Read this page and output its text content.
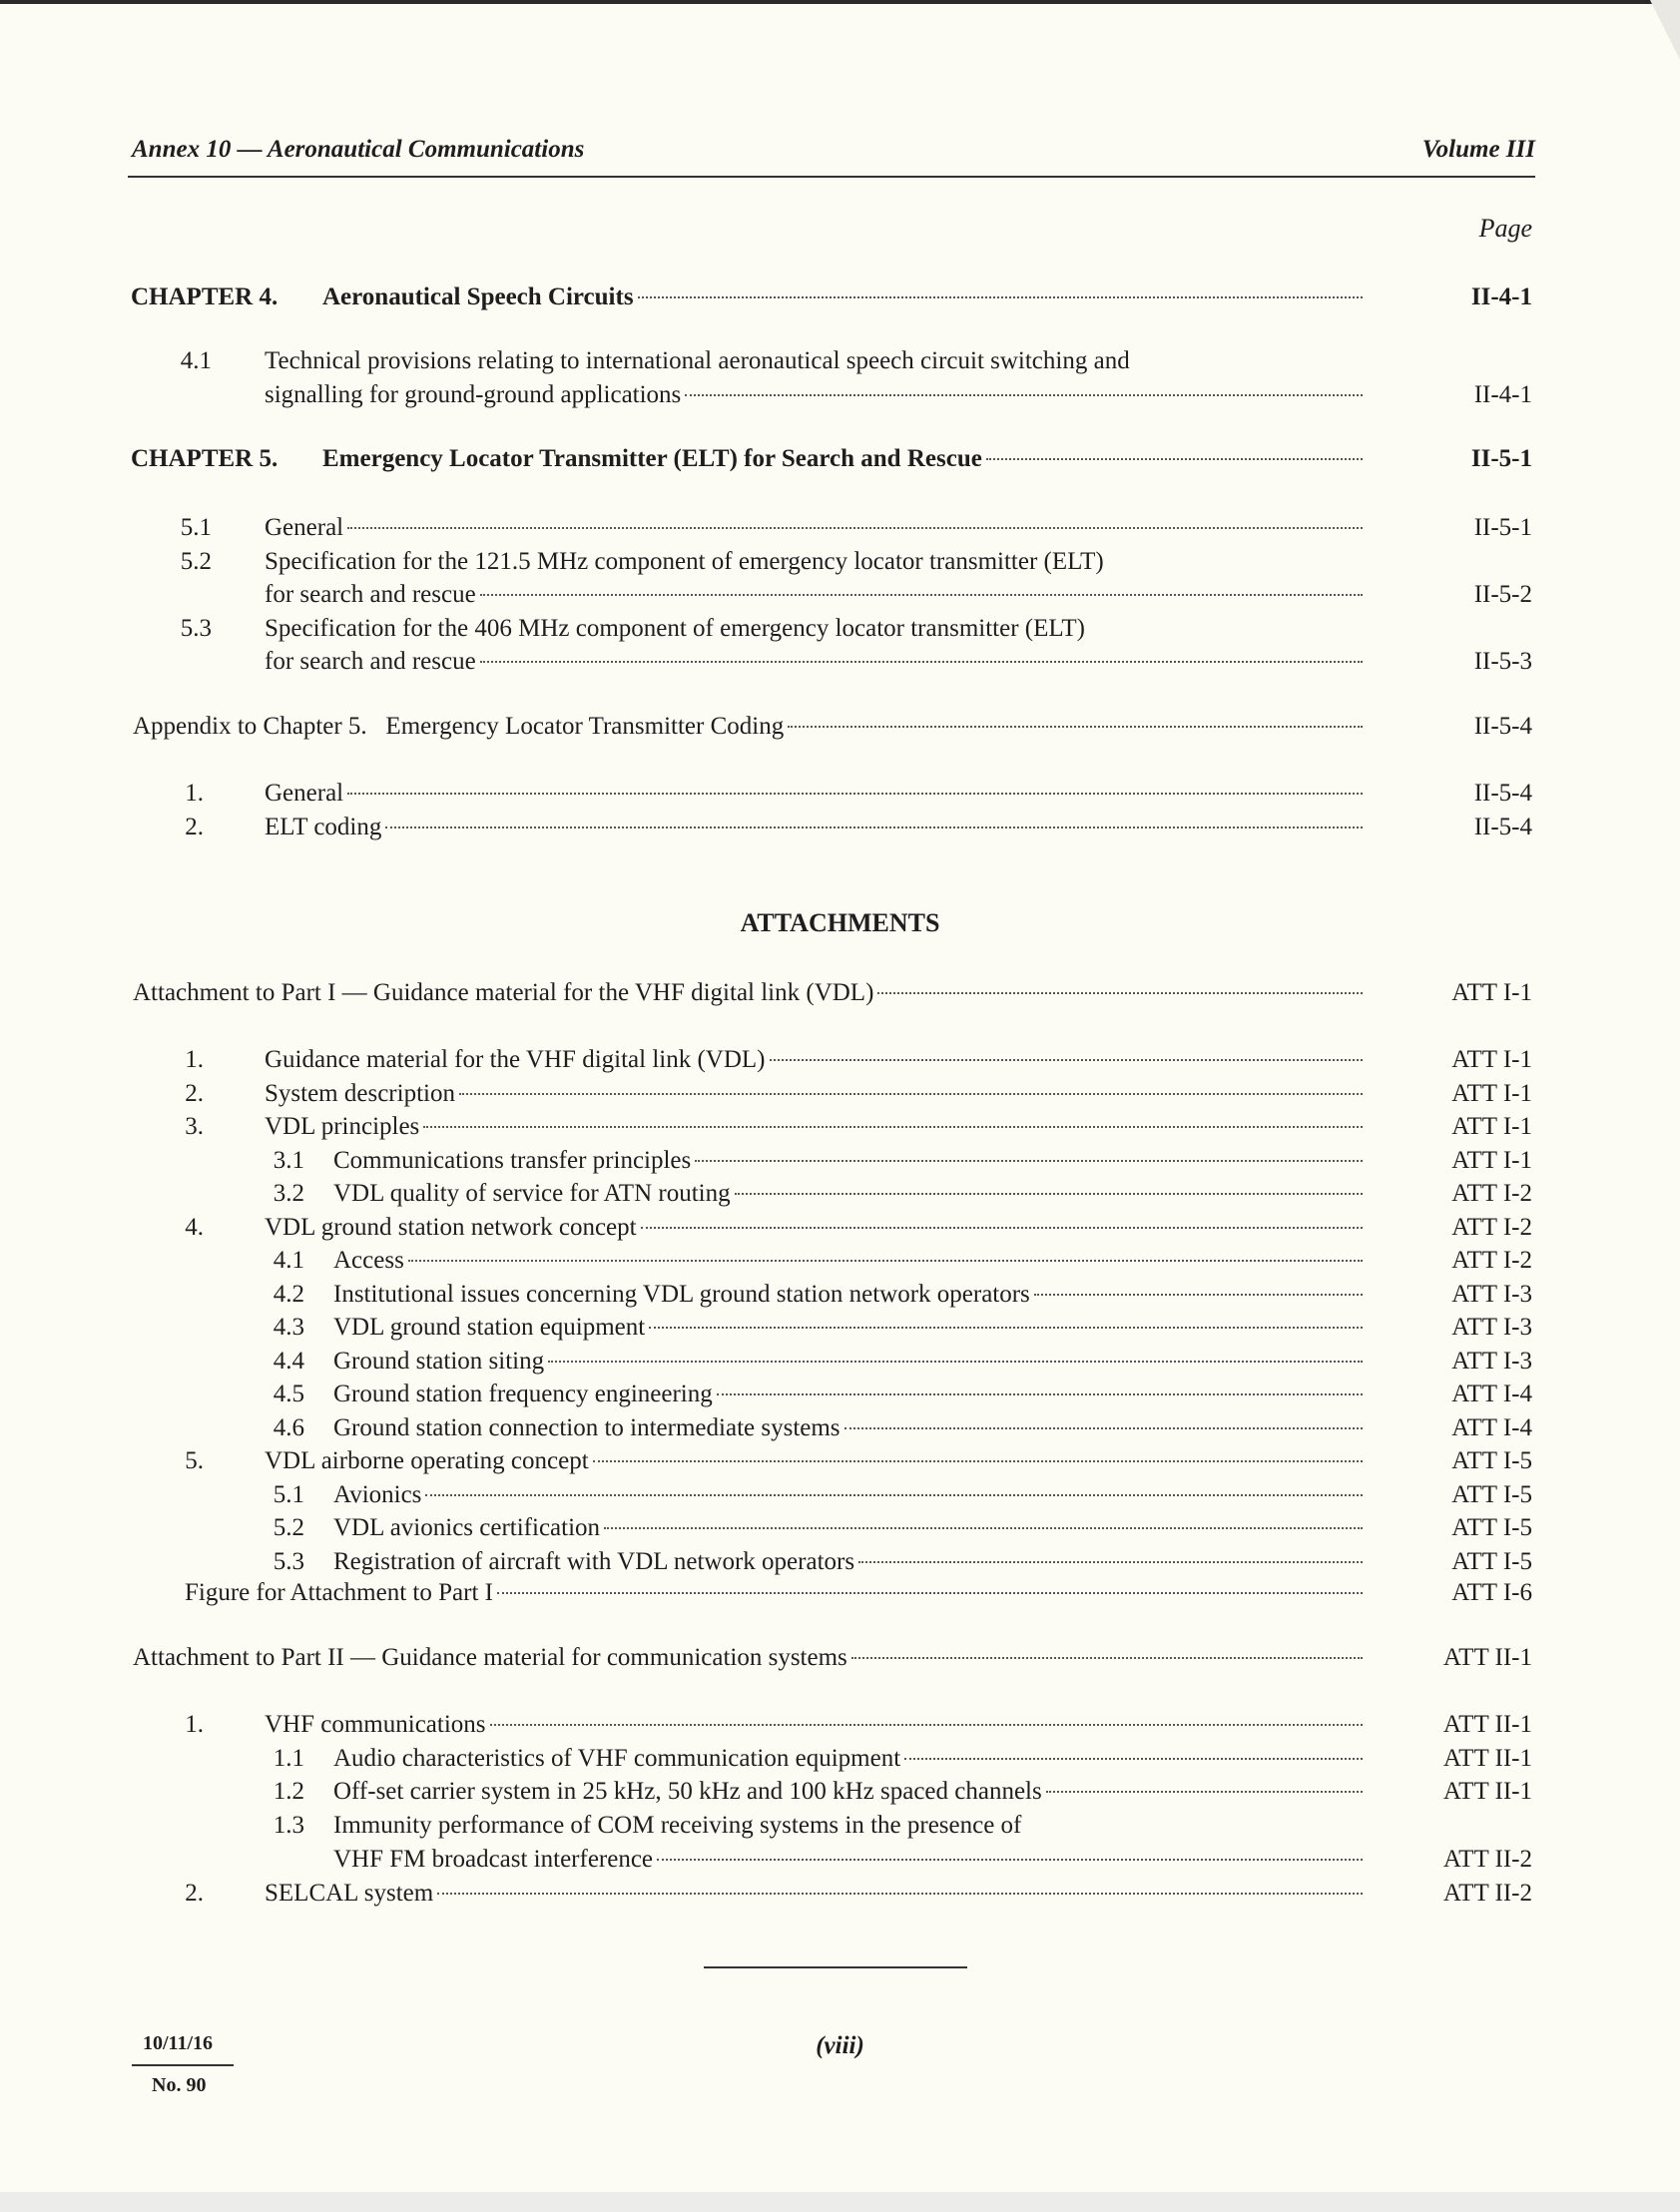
Annex 10 — Aeronautical Communications	Volume III
Page
CHAPTER 4. Aeronautical Speech Circuits	II-4-1
4.1 Technical provisions relating to international aeronautical speech circuit switching and
signalling for ground-ground applications	II-4-1
CHAPTER 5. Emergency Locator Transmitter (ELT) for Search and Rescue	II-5-1
5.1 General	II-5-1
5.2 Specification for the 121.5 MHz component of emergency locator transmitter (ELT)
for search and rescue	II-5-2
5.3 Specification for the 406 MHz component of emergency locator transmitter (ELT)
for search and rescue	II-5-3
Appendix to Chapter 5.   Emergency Locator Transmitter Coding	II-5-4
1. General	II-5-4
2. ELT coding	II-5-4
ATTACHMENTS
Attachment to Part I — Guidance material for the VHF digital link (VDL)	ATT I-1
1. Guidance material for the VHF digital link (VDL)	ATT I-1
2. System description	ATT I-1
3. VDL principles	ATT I-1
3.1 Communications transfer principles	ATT I-1
3.2 VDL quality of service for ATN routing	ATT I-2
4. VDL ground station network concept	ATT I-2
4.1 Access	ATT I-2
4.2 Institutional issues concerning VDL ground station network operators	ATT I-3
4.3 VDL ground station equipment	ATT I-3
4.4 Ground station siting	ATT I-3
4.5 Ground station frequency engineering	ATT I-4
4.6 Ground station connection to intermediate systems	ATT I-4
5. VDL airborne operating concept	ATT I-5
5.1 Avionics	ATT I-5
5.2 VDL avionics certification	ATT I-5
5.3 Registration of aircraft with VDL network operators	ATT I-5
Figure for Attachment to Part I	ATT I-6
Attachment to Part II — Guidance material for communication systems	ATT II-1
1. VHF communications	ATT II-1
1.1 Audio characteristics of VHF communication equipment	ATT II-1
1.2 Off-set carrier system in 25 kHz, 50 kHz and 100 kHz spaced channels	ATT II-1
1.3 Immunity performance of COM receiving systems in the presence of
VHF FM broadcast interference	ATT II-2
2. SELCAL system	ATT II-2
10/11/16
No. 90
(viii)
